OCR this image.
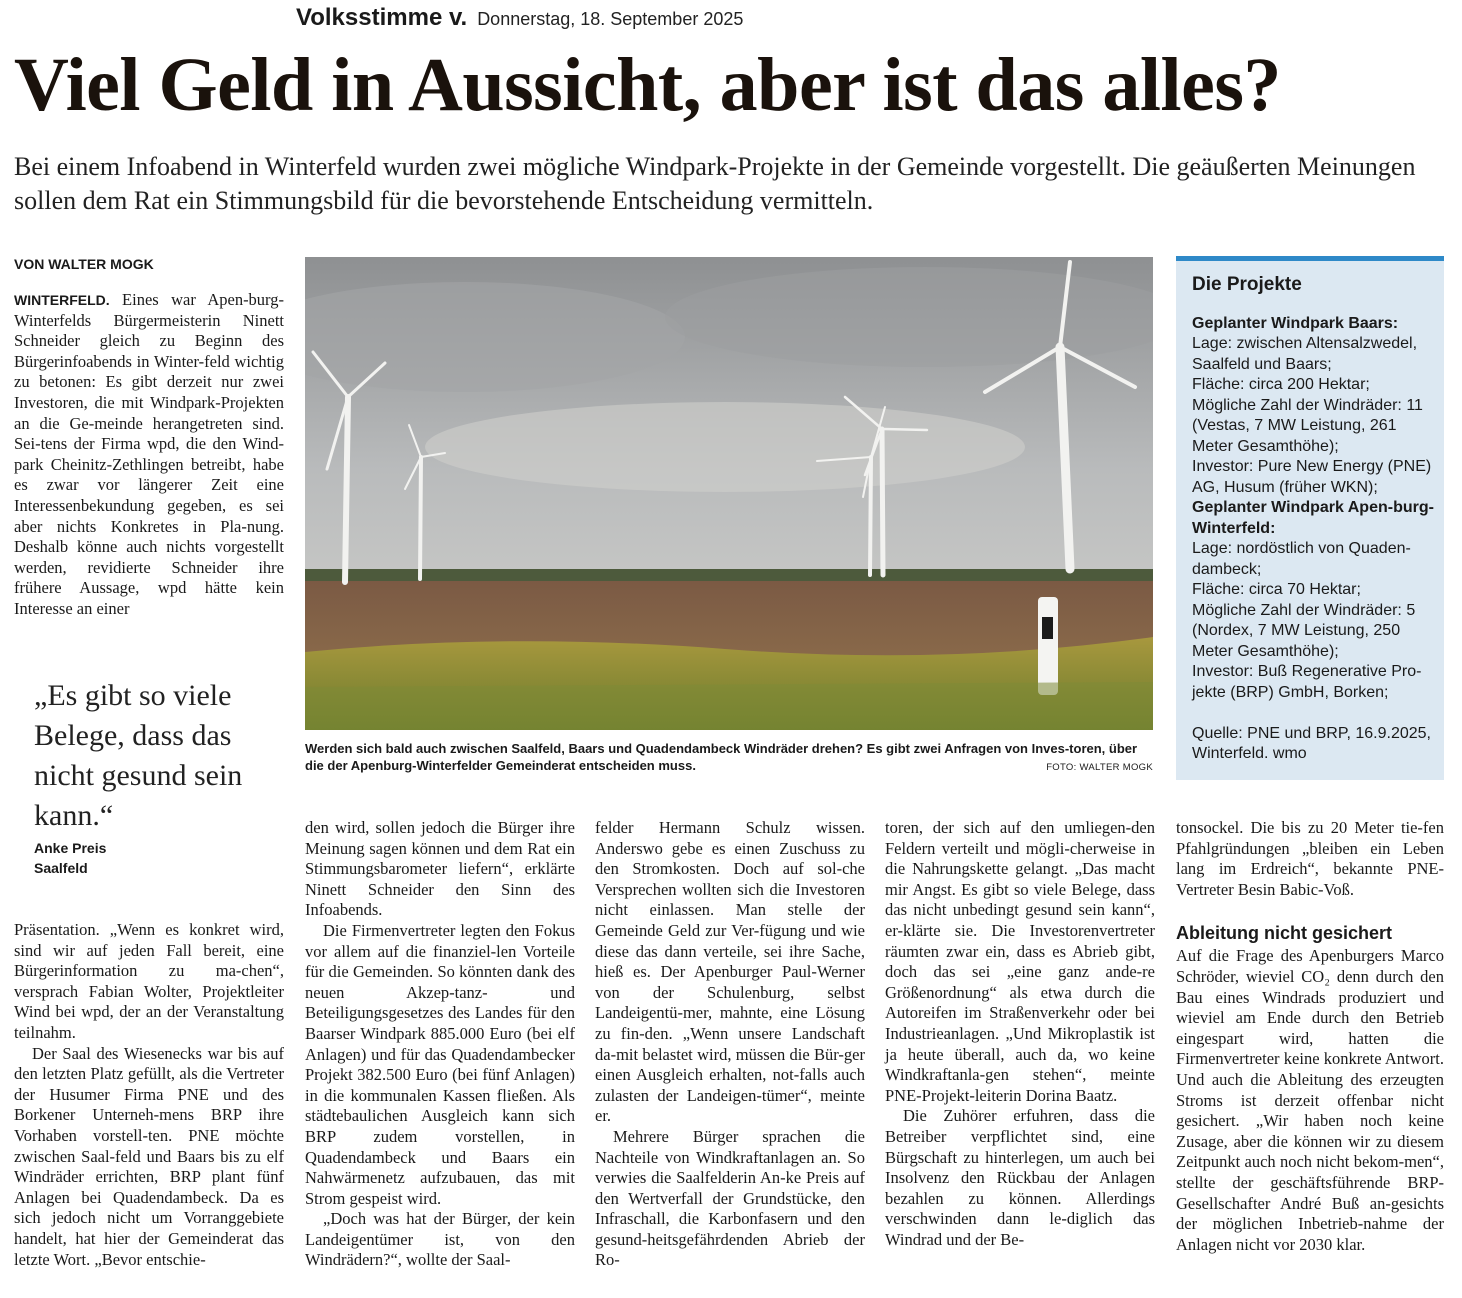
Volksstimme v. Donnerstag, 18. September 2025
Viel Geld in Aussicht, aber ist das alles?
Bei einem Infoabend in Winterfeld wurden zwei mögliche Windpark-Projekte in der Gemeinde vorgestellt. Die geäußerten Meinungen sollen dem Rat ein Stimmungsbild für die bevorstehende Entscheidung vermitteln.
VON WALTER MOGK

WINTERFELD. Eines war Apen-burg-Winterfelds Bürgermeisterin Ninett Schneider gleich zu Beginn des Bürgerinfoabends in Winter-feld wichtig zu betonen: Es gibt derzeit nur zwei Investoren, die mit Windpark-Projekten an die Ge-meinde herangetreten sind. Sei-tens der Firma wpd, die den Wind-park Cheinitz-Zethlingen betreibt, habe es zwar vor längerer Zeit eine Interessenbekundung gegeben, es sei aber nichts Konkretes in Pla-nung. Deshalb könne auch nichts vorgestellt werden, revidierte Schneider ihre frühere Aussage, wpd hätte kein Interesse an einer

„Es gibt so viele Belege, dass das nicht gesund sein kann.“
Anke Preis
Saalfeld

Präsentation. „Wenn es konkret wird, sind wir auf jeden Fall bereit, eine Bürgerinformation zu ma-chen“, versprach Fabian Wolter, Projektleiter Wind bei wpd, der an der Veranstaltung teilnahm.

Der Saal des Wiesenecks war bis auf den letzten Platz gefüllt, als die Vertreter der Husumer Firma PNE und des Borkener Unterneh-mens BRP ihre Vorhaben vorstell-ten. PNE möchte zwischen Saal-feld und Baars bis zu elf Windräder errichten, BRP plant fünf Anlagen bei Quadendambeck. Da es sich jedoch nicht um Vorranggebiete handelt, hat hier der Gemeinderat das letzte Wort. „Bevor entschie-

Werden sich bald auch zwischen Saalfeld, Baars und Quadendambeck Windräder drehen? Es gibt zwei Anfragen von Inves-toren, über die der Apenburg-Winterfelder Gemeinderat entscheiden muss.	FOTO: WALTER MOGK
Die Projekte
Geplanter Windpark Baars:
Lage: zwischen Altensalzwedel, Saalfeld und Baars;
Fläche: circa 200 Hektar;
Mögliche Zahl der Windräder: 11 (Vestas, 7 MW Leistung, 261 Meter Gesamthöhe);
Investor: Pure New Energy (PNE) AG, Husum (früher WKN);
Geplanter Windpark Apen-burg-Winterfeld:
Lage: nordöstlich von Quaden-dambeck;
Fläche: circa 70 Hektar;
Mögliche Zahl der Windräder: 5 (Nordex, 7 MW Leistung, 250 Meter Gesamthöhe);
Investor: Buß Regenerative Pro-jekte (BRP) GmbH, Borken;
Quelle: PNE und BRP, 16.9.2025, Winterfeld. wmo

den wird, sollen jedoch die Bürger ihre Meinung sagen können und dem Rat ein Stimmungsbarometer liefern“, erklärte Ninett Schneider den Sinn des Infoabends.

Die Firmenvertreter legten den Fokus vor allem auf die finanziel-len Vorteile für die Gemeinden. So könnten dank des neuen Akzep-tanz- und Beteiligungsgesetzes des Landes für den Baarser Windpark 885.000 Euro (bei elf Anlagen) und für das Quadendambecker Projekt 382.500 Euro (bei fünf Anlagen) in die kommunalen Kassen fließen. Als städtebaulichen Ausgleich kann sich BRP zudem vorstellen, in Quadendambeck und Baars ein Nahwärmenetz aufzubauen, das mit Strom gespeist wird.

„Doch was hat der Bürger, der kein Landeigentümer ist, von den Windrädern?“, wollte der Saal-

felder Hermann Schulz wissen. Anderswo gebe es einen Zuschuss zu den Stromkosten. Doch auf sol-che Versprechen wollten sich die Investoren nicht einlassen. Man stelle der Gemeinde Geld zur Ver-fügung und wie diese das dann verteile, sei ihre Sache, hieß es. Der Apenburger Paul-Werner von der Schulenburg, selbst Landeigentü-mer, mahnte, eine Lösung zu fin-den. „Wenn unsere Landschaft da-mit belastet wird, müssen die Bür-ger einen Ausgleich erhalten, not-falls auch zulasten der Landeigen-tümer“, meinte er.

Mehrere Bürger sprachen die Nachteile von Windkraftanlagen an. So verwies die Saalfelderin An-ke Preis auf den Wertverfall der Grundstücke, den Infraschall, die Karbonfasern und den gesund-heitsgefährdenden Abrieb der Ro-

toren, der sich auf den umliegen-den Feldern verteilt und mögli-cherweise in die Nahrungskette gelangt. „Das macht mir Angst. Es gibt so viele Belege, dass das nicht unbedingt gesund sein kann“, er-klärte sie. Die Investorenvertreter räumten zwar ein, dass es Abrieb gibt, doch das sei „eine ganz ande-re Größenordnung“ als etwa durch die Autoreifen im Straßenverkehr oder bei Industrieanlagen. „Und Mikroplastik ist ja heute überall, auch da, wo keine Windkraftanla-gen stehen“, meinte PNE-Projekt-leiterin Dorina Baatz.

Die Zuhörer erfuhren, dass die Betreiber verpflichtet sind, eine Bürgschaft zu hinterlegen, um auch bei Insolvenz den Rückbau der Anlagen bezahlen zu können. Allerdings verschwinden dann le-diglich das Windrad und der Be-

tonsockel. Die bis zu 20 Meter tie-fen Pfahlgründungen „bleiben ein Leben lang im Erdreich“, bekannte PNE-Vertreter Besin Babic-Voß.

Ableitung nicht gesichert

Auf die Frage des Apenburgers Marco Schröder, wieviel CO₂ denn durch den Bau eines Windrads produziert und wieviel am Ende durch den Betrieb eingespart wird, hatten die Firmenvertreter keine konkrete Antwort. Und auch die Ableitung des erzeugten Stroms ist derzeit offenbar nicht gesichert. „Wir haben noch keine Zusage, aber die können wir zu diesem Zeitpunkt auch noch nicht bekom-men“, stellte der geschäftsführende BRP-Gesellschafter André Buß an-gesichts der möglichen Inbetrieb-nahme der Anlagen nicht vor 2030 klar.
